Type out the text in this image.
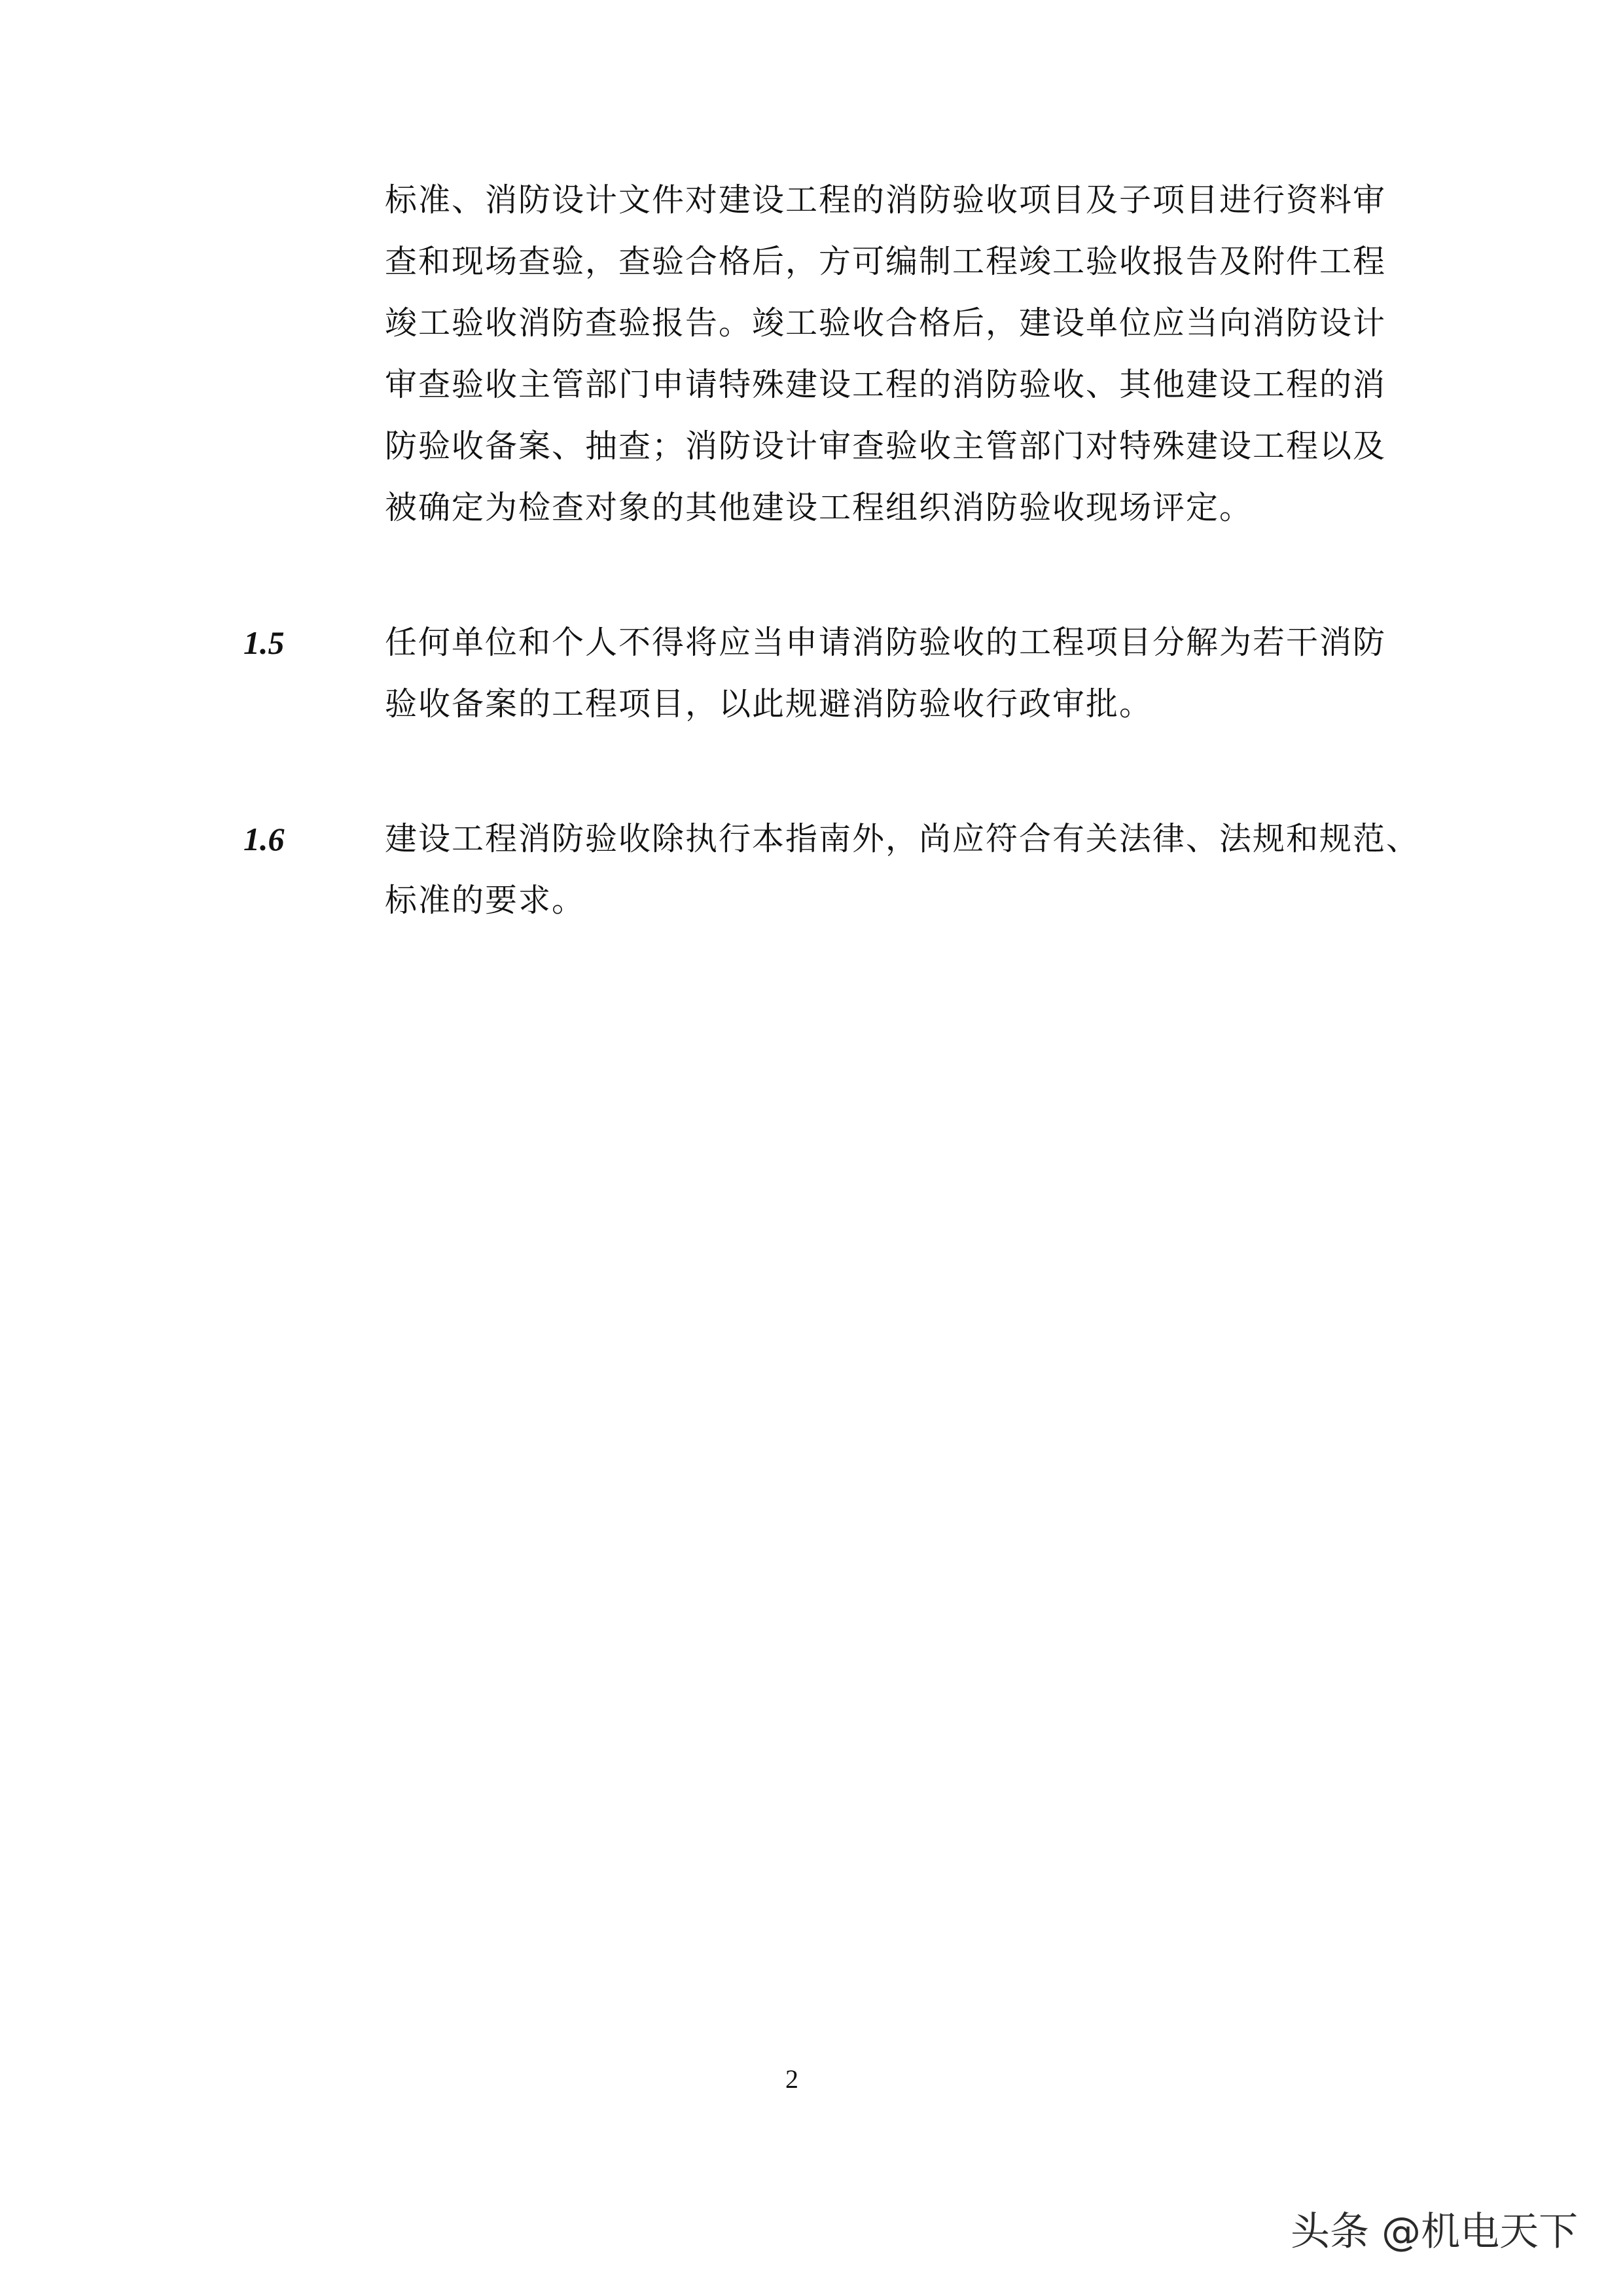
标准、消防设计文件对建设工程的消防验收项目及子项目进行资料审
查和现场查验，查验合格后，方可编制工程竣工验收报告及附件工程
竣工验收消防查验报告。竣工验收合格后，建设单位应当向消防设计
审查验收主管部门申请特殊建设工程的消防验收、其他建设工程的消
防验收备案、抽查；消防设计审查验收主管部门对特殊建设工程以及
被确定为检查对象的其他建设工程组织消防验收现场评定。
1.5	任何单位和个人不得将应当申请消防验收的工程项目分解为若干消防
验收备案的工程项目，以此规避消防验收行政审批。
1.6	建设工程消防验收除执行本指南外，尚应符合有关法律、法规和规范、
标准的要求。
2
头条 @机电天下
